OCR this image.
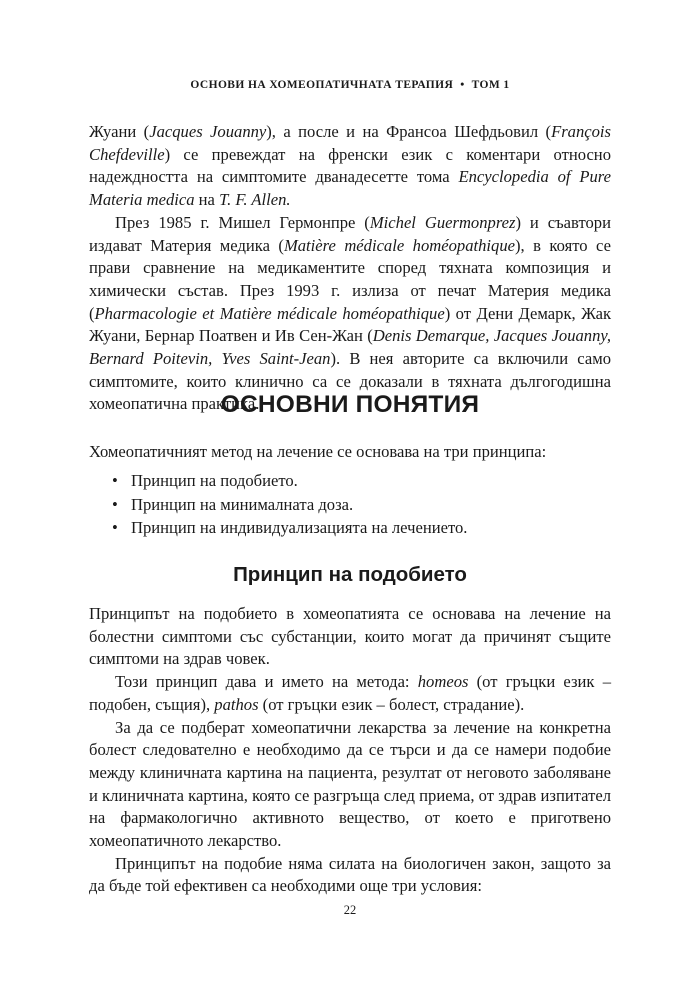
ОСНОВИ НА ХОМЕОПАТИЧНАТА ТЕРАПИЯ • ТОМ 1

Жуани (Jacques Jouanny), а после и на Франсоа Шефдьовил (François Chefdeville) се превеждат на френски език с коментари относно надеждността на симптомите дванадесетте тома Encyclopedia of Pure Materia medica на T. F. Allen.

През 1985 г. Мишел Гермонпре (Michel Guermonprez) и съавтори издават Материя медика (Matière médicale homéopathique), в която се прави сравнение на медикаментите според тяхната композиция и химически състав. През 1993 г. излиза от печат Материя медика (Pharmacologie et Matière médicale homéopathique) от Дени Демарк, Жак Жуани, Бернар Поатвен и Ив Сен-Жан (Denis Demarque, Jacques Jouanny, Bernard Poitevin, Yves Saint-Jean). В нея авторите са включили само симптомите, които клинично са се доказали в тяхната дългогодишна хомеопатична практика.

ОСНОВНИ ПОНЯТИЯ
Хомеопатичният метод на лечение се основава на три принципа:
• Принцип на подобието.
• Принцип на минималната доза.
• Принцип на индивидуализацията на лечението.
Принцип на подобието

Принципът на подобието в хомеопатията се основава на лечение на болестни симптоми със субстанции, които могат да причинят същите симптоми на здрав човек.

Този принцип дава и името на метода: homeos (от гръцки език – подобен, същия), pathos (от гръцки език – болест, страдание).

За да се подберат хомеопатични лекарства за лечение на конкретна болест следователно е необходимо да се търси и да се намери подобие между клиничната картина на пациента, резултат от неговото заболяване и клиничната картина, която се разгръща след приема, от здрав изпитател на фармакологично активното вещество, от което е приготвено хомеопатичното лекарство.

Принципът на подобие няма силата на биологичен закон, защото за да бъде той ефективен са необходими още три условия:

22
